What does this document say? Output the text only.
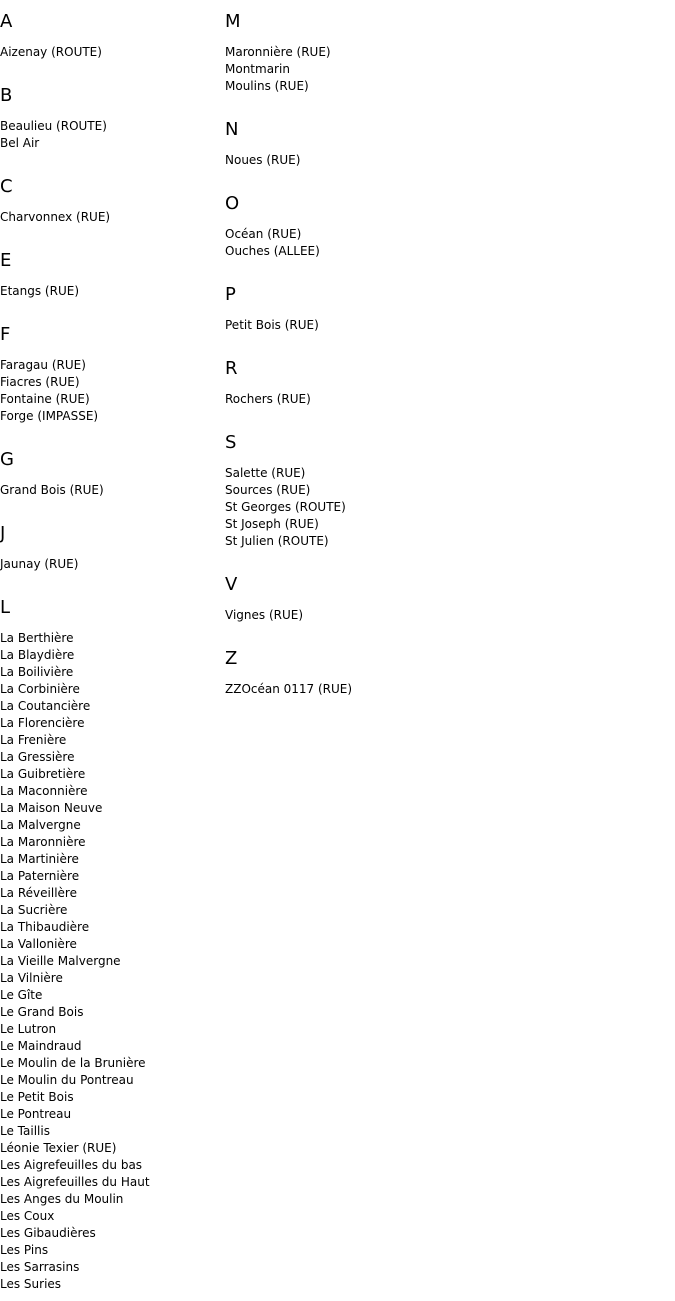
A
Aizenay (ROUTE)
B
Beaulieu (ROUTE)
Bel Air
C
Charvonnex (RUE)
E
Etangs (RUE)
F
Faragau (RUE)
Fiacres (RUE)
Fontaine (RUE)
Forge (IMPASSE)
G
Grand Bois (RUE)
J
Jaunay (RUE)
L
La Berthière
La Blaydière
La Boilivière
La Corbinière
La Coutancière
La Florencière
La Frenière
La Gressière
La Guibretière
La Maconnière
La Maison Neuve
La Malvergne
La Maronnière
La Martinière
La Paternière
La Réveillère
La Sucrière
La Thibaudière
La Vallonière
La Vieille Malvergne
La Vilnière
Le Gîte
Le Grand Bois
Le Lutron
Le Maindraud
Le Moulin de la Brunière
Le Moulin du Pontreau
Le Petit Bois
Le Pontreau
Le Taillis
Léonie Texier (RUE)
Les Aigrefeuilles du bas
Les Aigrefeuilles du Haut
Les Anges du Moulin
Les Coux
Les Gibaudières
Les Pins
Les Sarrasins
Les Suries
M
Maronnière (RUE)
Montmarin
Moulins (RUE)
N
Noues (RUE)
O
Océan (RUE)
Ouches (ALLEE)
P
Petit Bois (RUE)
R
Rochers (RUE)
S
Salette (RUE)
Sources (RUE)
St Georges (ROUTE)
St Joseph (RUE)
St Julien (ROUTE)
V
Vignes (RUE)
Z
ZZOcéan 0117 (RUE)
